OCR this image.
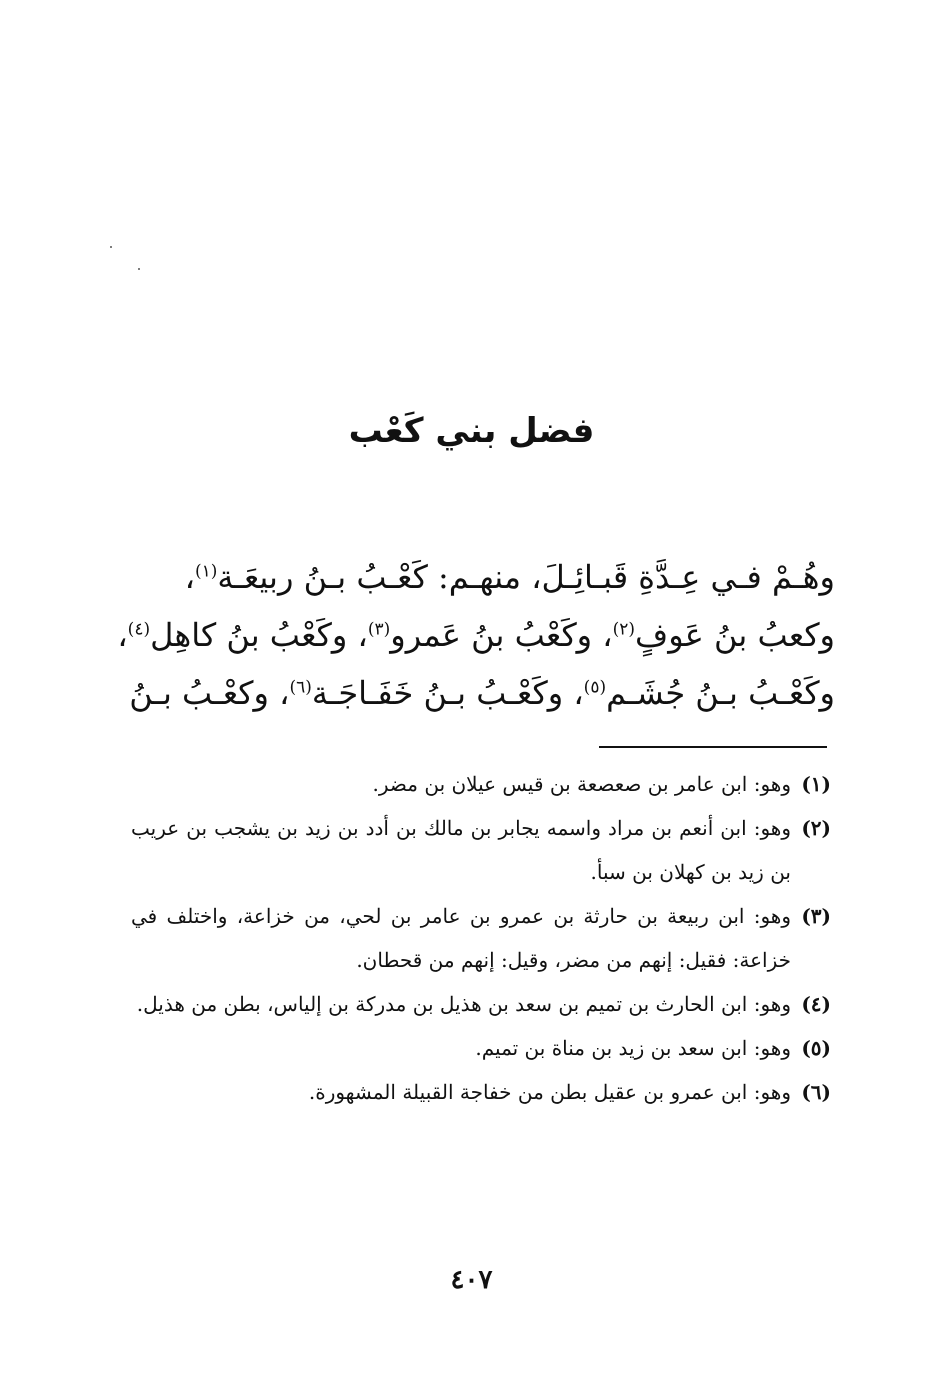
فضل بني كَعْب
وهُـمْ فـي عِـدَّةِ قَبـائِـلَ، منهـم: كَعْـبُ بـنُ ربيعَـة$^{(١)}$،
وكعبُ بنُ عَوفٍ$^{(٢)}$، وكَعْبُ بنُ عَمرو$^{(٣)}$، وكَعْبُ بنُ كاهِل$^{(٤)}$،
وكَعْـبُ بـنُ جُشَـم$^{(٥)}$، وكَعْـبُ بـنُ خَفَـاجَـة$^{(٦)}$، وكعْـبُ بـنُ
(١)
وهو: ابن عامر بن صعصعة بن قيس عيلان بن مضر.
(٢)
وهو: ابن أنعم بن مراد واسمه يجابر بن مالك بن أدد بن زيد بن يشجب بن عريب بن زيد بن كهلان بن سبأ.
(٣)
وهو: ابن ربيعة بن حارثة بن عمرو بن عامر بن لحي، من خزاعة، واختلف في خزاعة: فقيل: إنهم من مضر، وقيل: إنهم من قحطان.
(٤)
وهو: ابن الحارث بن تميم بن سعد بن هذيل بن مدركة بن إلياس، بطن من هذيل.
(٥)
وهو: ابن سعد بن زيد بن مناة بن تميم.
(٦)
وهو: ابن عمرو بن عقيل بطن من خفاجة القبيلة المشهورة.
٤٠٧
